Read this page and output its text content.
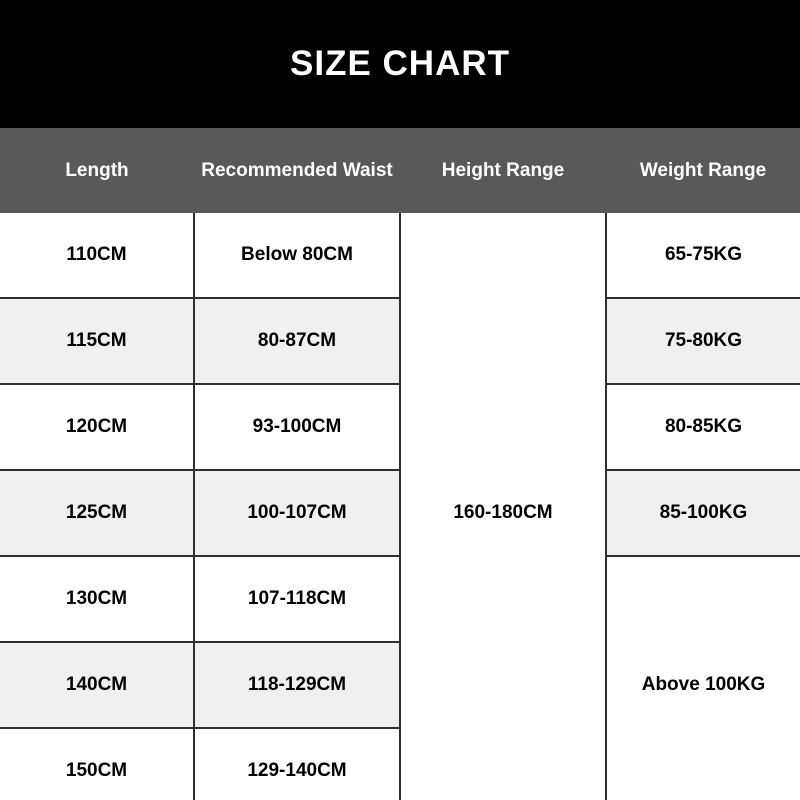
SIZE CHART
Length	Recommended Waist	Height Range	Weight Range
110CM	Below 80CM	160-180CM	65-75KG
115CM	80-87CM		75-80KG
120CM	93-100CM		80-85KG
125CM	100-107CM		85-100KG
130CM	107-118CM		Above 100KG
140CM	118-129CM		
150CM	129-140CM		
